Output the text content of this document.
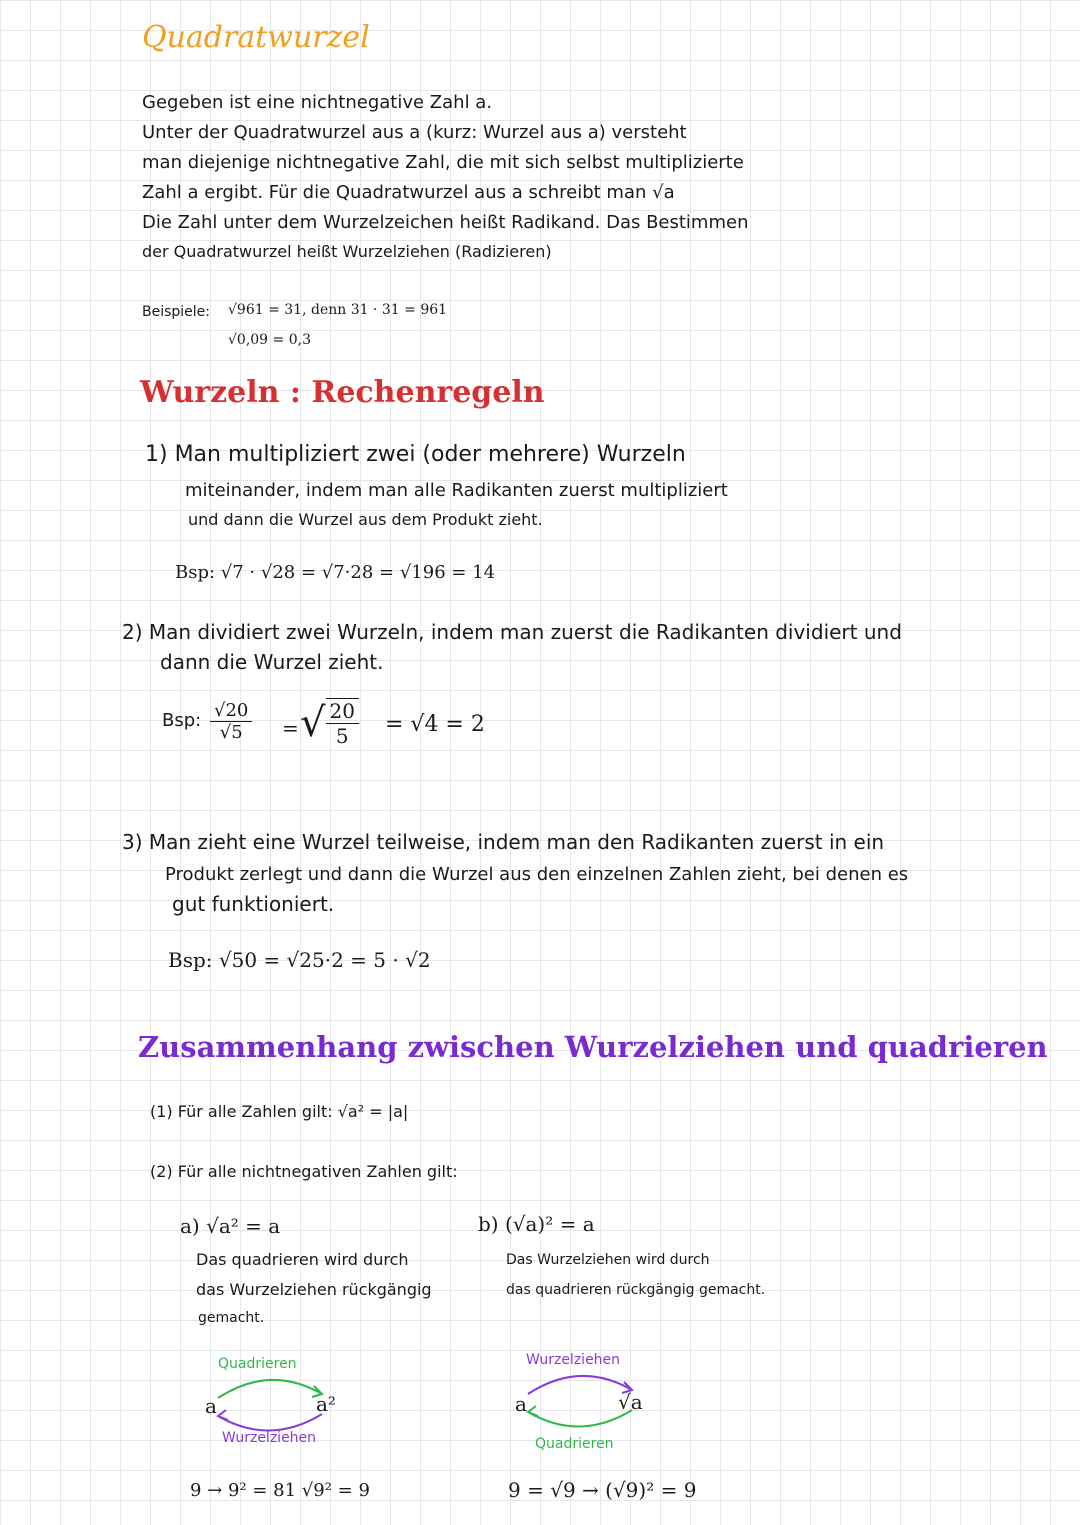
Quadratwurzel
Gegeben ist eine nichtnegative Zahl a.
Unter der Quadratwurzel aus a (kurz: Wurzel aus a) versteht
man diejenige nichtnegative Zahl, die mit sich selbst multiplizierte
Zahl a ergibt. Für die Quadratwurzel aus a schreibt man √a
Die Zahl unter dem Wurzelzeichen heißt Radikand. Das Bestimmen
der Quadratwurzel heißt Wurzelziehen (Radizieren)
Beispiele: √961 = 31, denn 31 · 31 = 961
√0,09 = 0,3
Wurzeln : Rechenregeln
1) Man multipliziert zwei (oder mehrere) Wurzeln
miteinander, indem man alle Radikanten zuerst multipliziert
und dann die Wurzel aus dem Produkt zieht.
Bsp: √7 · √28 = √7·28 = √196 = 14
2) Man dividiert zwei Wurzeln, indem man zuerst die Radikanten dividiert und
dann die Wurzel zieht.
Bsp: $\frac{√20}{√5}$ = √ $\frac{20}{5} = √4 = 2$
3) Man zieht eine Wurzel teilweise, indem man den Radikanten zuerst in ein
Produkt zerlegt und dann die Wurzel aus den einzelnen Zahlen zieht, bei denen es
gut funktioniert.
Bsp: √50 = √25·2 = 5 · √2
Zusammenhang zwischen Wurzelziehen und quadrieren
(1) Für alle Zahlen gilt: √a² = |a|
(2) Für alle nichtnegativen Zahlen gilt:
a) √a² = a
Das quadrieren wird durch
das Wurzelziehen rückgängig
gemacht.
Quadrieren
a	a²
Wurzelziehen
9 → 9² = 81 √9² = 9
b) (√a)² = a
Das Wurzelziehen wird durch
das quadrieren rückgängig gemacht.
Wurzelziehen
a	√a
Quadrieren
9 = √9 → (√9)² = 9
